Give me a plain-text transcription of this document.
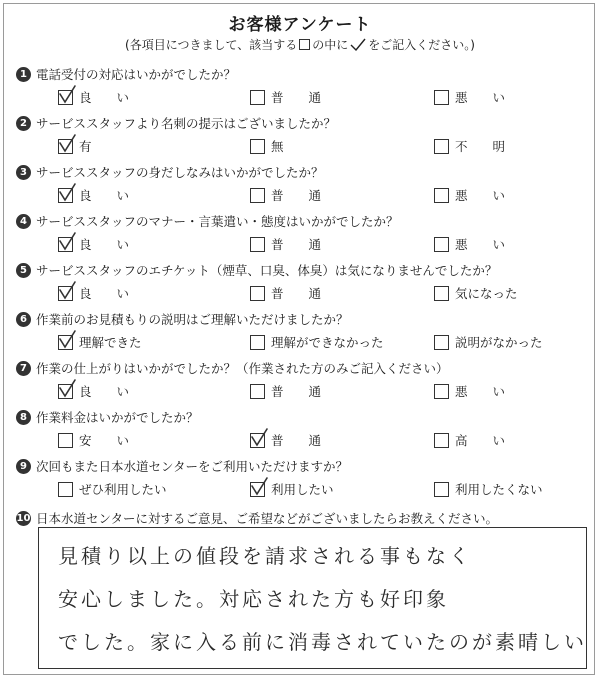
お客様アンケート
(各項目につきまして、該当する の中に をご記入ください。)
1 電話受付の対応はいかがでしたか？
良　　い	普　　通	悪　　い
2 サービススタッフより名刺の提示はございましたか？
有	無	不　　明
3 サービススタッフの身だしなみはいかがでしたか？
良　　い	普　　通	悪　　い
4 サービススタッフのマナー・言葉遣い・態度はいかがでしたか？
良　　い	普　　通	悪　　い
5 サービススタッフのエチケット（煙草、口臭、体臭）は気になりませんでしたか？
良　　い	普　　通	気になった
6 作業前のお見積もりの説明はご理解いただけましたか？
理解できた	理解ができなかった	説明がなかった
7 作業の仕上がりはいかがでしたか？（作業された方のみご記入ください）
良　　い	普　　通	悪　　い
8 作業料金はいかがでしたか？
安　　い	普　　通	高　　い
9 次回もまた日本水道センターをご利用いただけますか？
ぜひ利用したい	利用したい	利用したくない
10 日本水道センターに対するご意見、ご希望などがございましたらお教えください。
見積り以上の値段を請求される事もなく
安心しました。対応された方も好印象
でした。家に入る前に消毒されていたのが素晴しい
